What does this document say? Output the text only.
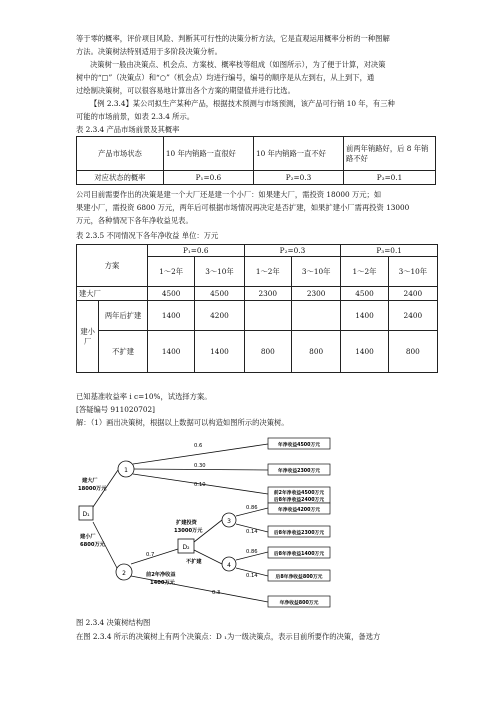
等于零的概率，评价项目风险、判断其可行性的决策分析方法，它是直观运用概率分析的一种图解
方法。决策树法特别适用于多阶段决策分析。
决策树一般由决策点、机会点、方案枝、概率枝等组成（如图所示），为了便于计算，对决策
树中的“□”（决策点）和“○”（机会点）均进行编号，编号的顺序是从左到右，从上到下，通
过绘制决策树，可以很容易地计算出各个方案的期望值并进行比选。
【例 2.3.4】某公司拟生产某种产品，根据技术预测与市场预测，该产品可行销 10 年，有三种
可能的市场前景，如表 2.3.4 所示。
表 2.3.4 产品市场前景及其概率
产品市场状态	10 年内销路一直很好	10 年内销路一直不好	前两年销路好，后 8 年销路不好
对应状态的概率	P₁=0.6	P₂=0.3	P₃=0.1
公司目前需要作出的决策是建一个大厂还是建一个小厂：如果建大厂，需投资 18000 万元；如
果建小厂，需投资 6800 万元，两年后可根据市场情况再决定是否扩建，如果扩建小厂需再投资 13000
万元，各种情况下各年净收益见表。
表 2.3.5 不同情况下各年净收益 单位：万元
方案		P₁=0.6		P₂=0.3		P₃=0.1	
		1～2年	3～10年	1～2年	3～10年	1～2年	3～10年
建大厂		4500	4500	2300	2300	4500	2400
建小厂	两年后扩建	1400	4200			1400	2400
	不扩建	1400	1400	800	800	1400	800
已知基准收益率 i c=10%，试选择方案。
[答疑编号 911020702]
解：（1）画出决策树，根据以上数据可以构造如图所示的决策树。
D₁
D₂
1
2
3
4
建大厂
18000万元
建小厂
6800万元
扩建投资
13000万元
不扩建
前2年净收益
1400万元
0.6
0.30
0.10
0.7
0.3
0.86
0.14
0.86
0.14
年净收益4500万元
年净收益2300万元
前2年净收益4500万元
后8年净收益2400万元
年净收益4200万元
后8年净收益2300万元
后8年净收益1400万元
后8年净收益800万元
年净收益800万元
图 2.3.4 决策树结构图
在图 2.3.4 所示的决策树上有两个决策点：D ₁为一级决策点，表示目前所要作的决策，备选方
